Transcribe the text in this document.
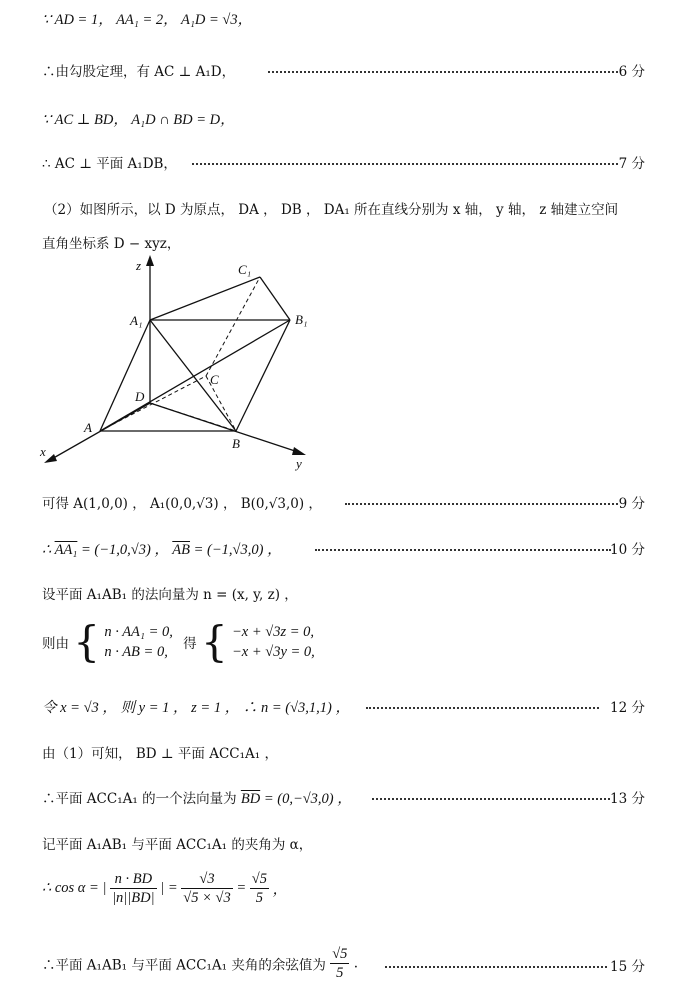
∵ AD = 1， AA₁ = 2， A₁D = √3，
∴由勾股定理，有 AC ⊥ A₁D，	6 分
∵ AC ⊥ BD， A₁D ∩ BD = D，
∴ AC ⊥ 平面 A₁DB，	7 分
（2）如图所示，以 D 为原点， DA ， DB ， DA₁ 所在直线分别为 x 轴， y 轴， z 轴建立空间
直角坐标系 D − xyz，
z
x
y
C₁
A₁	B₁
C
D
A
B
可得 A(1,0,0) ， A₁(0,0,√3) ， B(0,√3,0) ，	9 分
∴ AA₁ = (−1,0,√3) ， $\overline{AB} = (-1,√3,0)$ ，	10 分
设平面 A₁AB₁ 的法向量为 n = (x, y, z) ，
则由 { n · AA₁ = 0,
n · AB = 0,	得 { −x + √3z = 0,
−x + √3y = 0,
令 x = √3 ， 则 y = 1 ， z = 1 ， ∴ n = (√3,1,1) ，	12 分
由（1）可知， BD ⊥ 平面 ACC₁A₁ ，
∴平面 ACC₁A₁ 的一个法向量为 $\overline{BD} = (0,-√3,0)$ ，	13 分
记平面 A₁AB₁ 与平面 ACC₁A₁ 的夹角为 α，
∴ cos α = | $\frac{n \cdot BD}{|n||BD|}$ | = $\frac{√3}{√5 \times √3} = \frac{√5}{5}$ ，
∴平面 A₁AB₁ 与平面 ACC₁A₁ 夹角的余弦值为 $\frac{√5}{5}$ .	15 分
